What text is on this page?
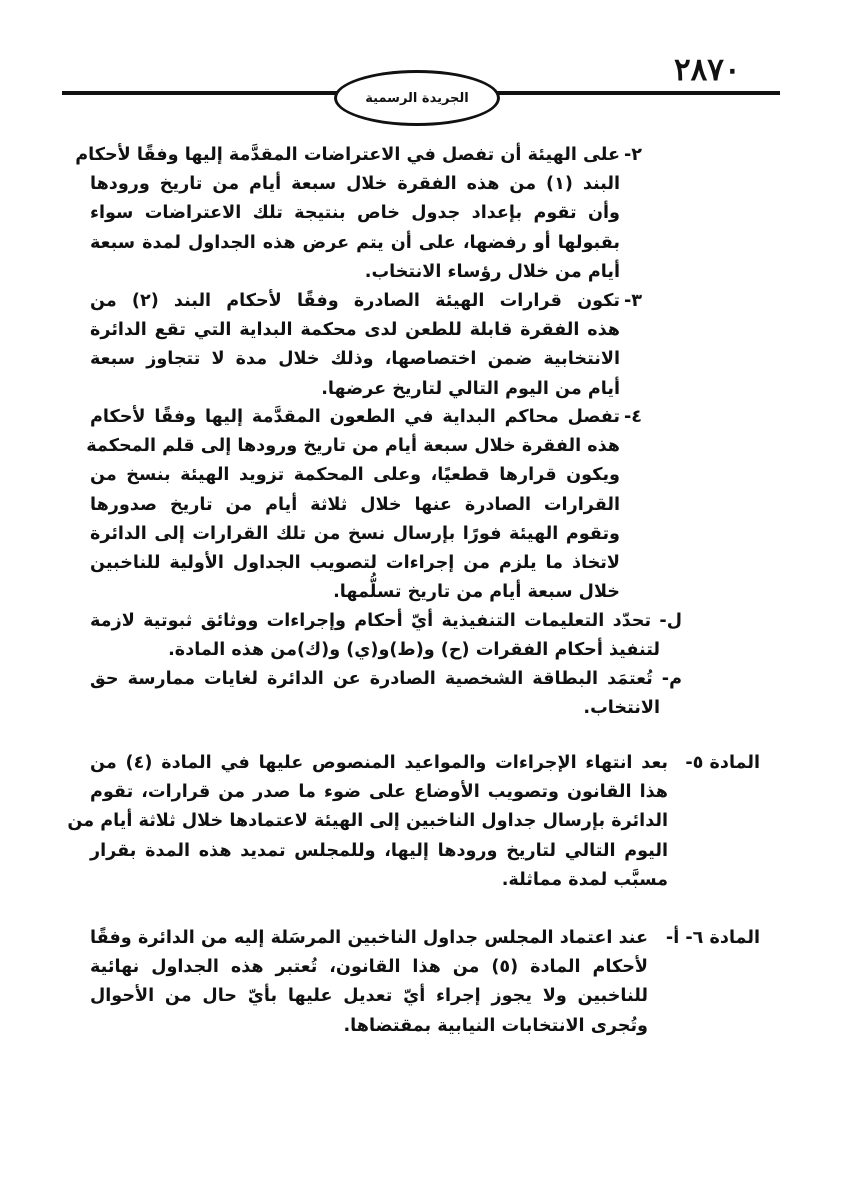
٢٨٧٠
الجريدة الرسمية
٢-
على الهيئة أن تفصل في الاعتراضات المقدَّمة إليها وفقًا لأحكام
البند (١) من هذه الفقرة خلال سبعة أيام من تاريخ ورودها
وأن تقوم بإعداد جدول خاص بنتيجة تلك الاعتراضات سواء
بقبولها أو رفضها، على أن يتم عرض هذه الجداول لمدة سبعة
أيام من خلال رؤساء الانتخاب.
٣-
تكون قرارات الهيئة الصادرة وفقًا لأحكام البند (٢) من
هذه الفقرة قابلة للطعن لدى محكمة البداية التي تقع الدائرة
الانتخابية ضمن اختصاصها، وذلك خلال مدة لا تتجاوز سبعة
أيام من اليوم التالي لتاريخ عرضها.
٤-
تفصل محاكم البداية في الطعون المقدَّمة إليها وفقًا لأحكام
هذه الفقرة خلال سبعة أيام من تاريخ ورودها إلى قلم المحكمة
ويكون قرارها قطعيًا، وعلى المحكمة تزويد الهيئة بنسخ من
القرارات الصادرة عنها خلال ثلاثة أيام من تاريخ صدورها
وتقوم الهيئة فورًا بإرسال نسخ من تلك القرارات إلى الدائرة
لاتخاذ ما يلزم من إجراءات لتصويب الجداول الأولية للناخبين
خلال سبعة أيام من تاريخ تسلُّمها.
ل- تحدّد التعليمات التنفيذية أيّ أحكام وإجراءات ووثائق ثبوتية لازمة
لتنفيذ أحكام الفقرات (ح) و(ط)و(ي) و(ك)من هذه المادة.
م- تُعتمَد البطاقة الشخصية الصادرة عن الدائرة لغايات ممارسة حق
الانتخاب.
المادة ٥-
بعد انتهاء الإجراءات والمواعيد المنصوص عليها في المادة (٤) من
هذا القانون وتصويب الأوضاع على ضوء ما صدر من قرارات، تقوم
الدائرة بإرسال جداول الناخبين إلى الهيئة لاعتمادها خلال ثلاثة أيام من
اليوم التالي لتاريخ ورودها إليها، وللمجلس تمديد هذه المدة بقرار
مسبَّب لمدة مماثلة.
المادة ٦- أ-
عند اعتماد المجلس جداول الناخبين المرسَلة إليه من الدائرة وفقًا
لأحكام المادة (٥) من هذا القانون، تُعتبر هذه الجداول نهائية
للناخبين ولا يجوز إجراء أيّ تعديل عليها بأيّ حال من الأحوال
وتُجرى الانتخابات النيابية بمقتضاها.
